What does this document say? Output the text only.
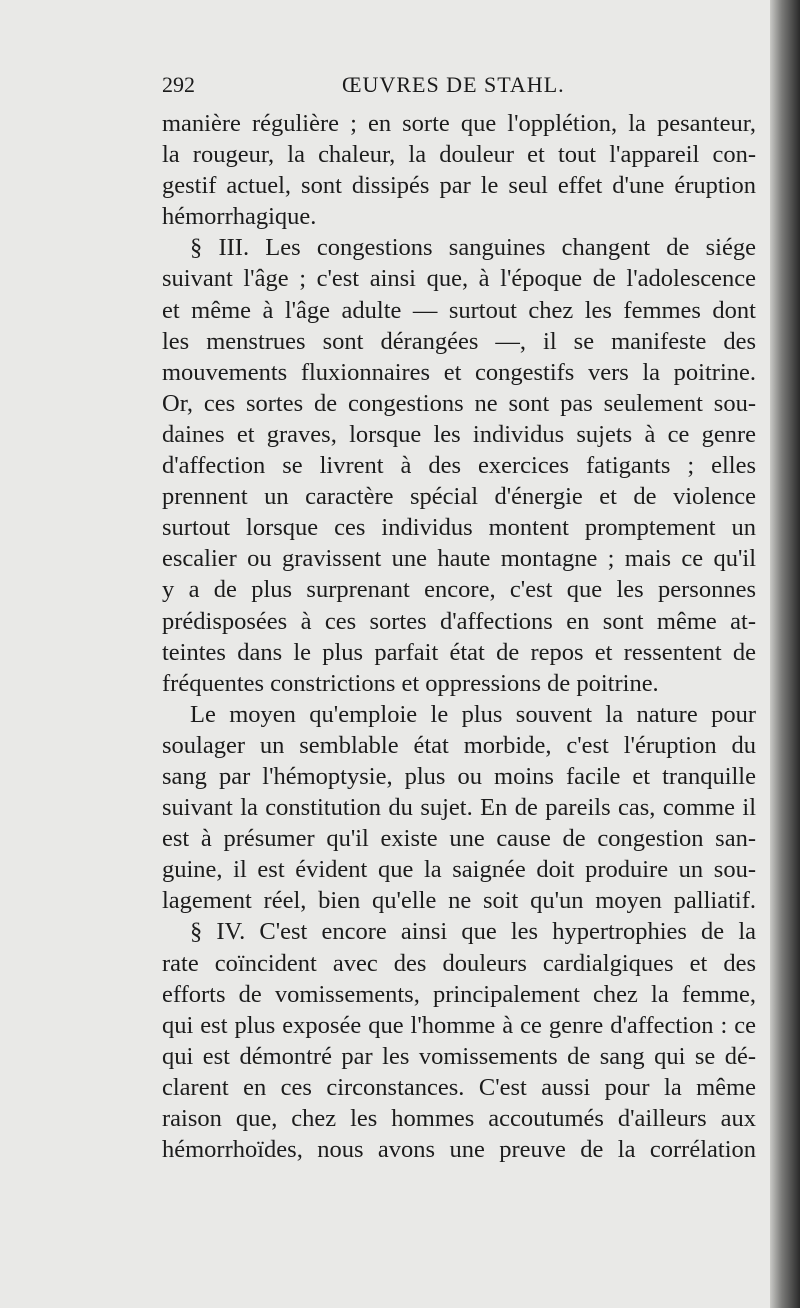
292	ŒUVRES DE STAHL.
manière régulière ; en sorte que l'opplétion, la pesanteur,
la rougeur, la chaleur, la douleur et tout l'appareil con-
gestif actuel, sont dissipés par le seul effet d'une éruption
hémorrhagique.
§ III. Les congestions sanguines changent de siége
suivant l'âge ; c'est ainsi que, à l'époque de l'adolescence
et même à l'âge adulte — surtout chez les femmes dont
les menstrues sont dérangées —, il se manifeste des
mouvements fluxionnaires et congestifs vers la poitrine.
Or, ces sortes de congestions ne sont pas seulement sou-
daines et graves, lorsque les individus sujets à ce genre
d'affection se livrent à des exercices fatigants ; elles
prennent un caractère spécial d'énergie et de violence
surtout lorsque ces individus montent promptement un
escalier ou gravissent une haute montagne ; mais ce qu'il
y a de plus surprenant encore, c'est que les personnes
prédisposées à ces sortes d'affections en sont même at-
teintes dans le plus parfait état de repos et ressentent de
fréquentes constrictions et oppressions de poitrine.
Le moyen qu'emploie le plus souvent la nature pour
soulager un semblable état morbide, c'est l'éruption du
sang par l'hémoptysie, plus ou moins facile et tranquille
suivant la constitution du sujet. En de pareils cas, comme il
est à présumer qu'il existe une cause de congestion san-
guine, il est évident que la saignée doit produire un sou-
lagement réel, bien qu'elle ne soit qu'un moyen palliatif.
§ IV. C'est encore ainsi que les hypertrophies de la
rate coïncident avec des douleurs cardialgiques et des
efforts de vomissements, principalement chez la femme,
qui est plus exposée que l'homme à ce genre d'affection : ce
qui est démontré par les vomissements de sang qui se dé-
clarent en ces circonstances. C'est aussi pour la même
raison que, chez les hommes accoutumés d'ailleurs aux
hémorrhoïdes, nous avons une preuve de la corrélation
